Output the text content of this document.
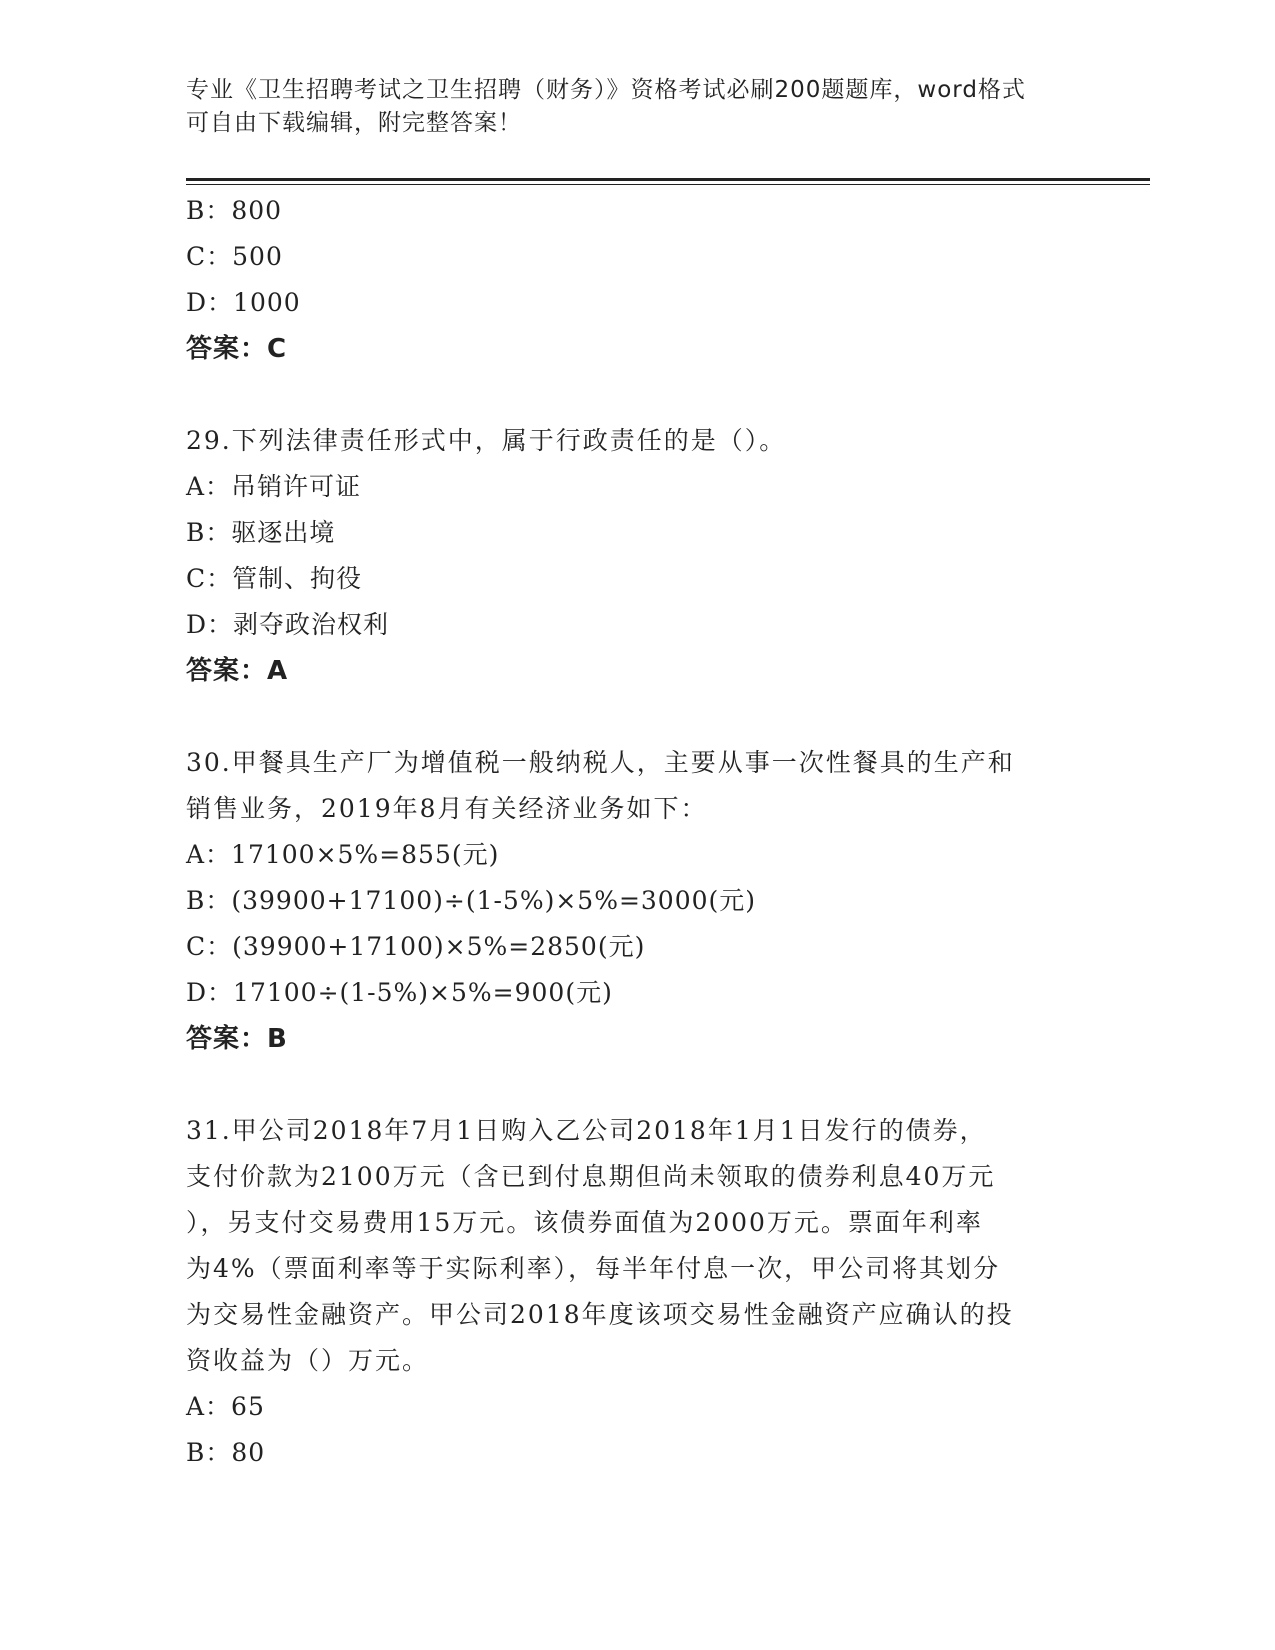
专业《卫生招聘考试之卫生招聘（财务）》资格考试必刷200题题库，word格式
可自由下载编辑，附完整答案！
B：800
C：500
D：1000
答案：C
29.下列法律责任形式中，属于行政责任的是（）。
A：吊销许可证
B：驱逐出境
C：管制、拘役
D：剥夺政治权利
答案：A
30.甲餐具生产厂为增值税一般纳税人，主要从事一次性餐具的生产和
销售业务，2019年8月有关经济业务如下：
A：17100×5%=855(元)
B：(39900+17100)÷(1-5%)×5%=3000(元)
C：(39900+17100)×5%=2850(元)
D：17100÷(1-5%)×5%=900(元)
答案：B
31.甲公司2018年7月1日购入乙公司2018年1月1日发行的债券，
支付价款为2100万元（含已到付息期但尚未领取的债券利息40万元
），另支付交易费用15万元。该债券面值为2000万元。票面年利率
为4%（票面利率等于实际利率），每半年付息一次，甲公司将其划分
为交易性金融资产。甲公司2018年度该项交易性金融资产应确认的投
资收益为（）万元。
A：65
B：80
